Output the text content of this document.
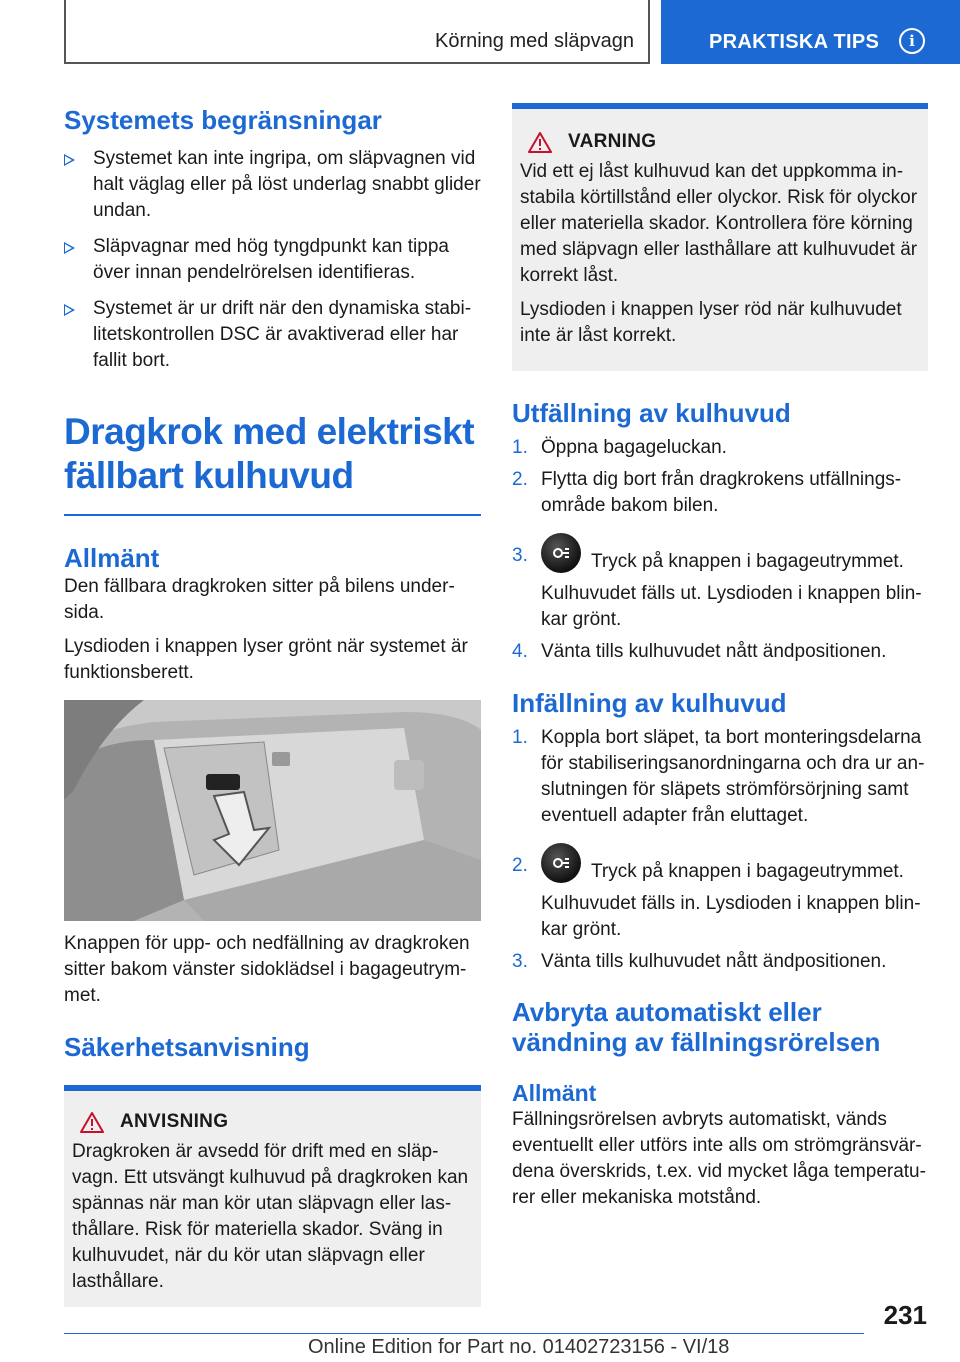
Körning med släpvagn	PRAKTISKA TIPS	i
Systemets begränsningar
Systemet kan inte ingripa, om släpvagnen vid halt väglag eller på löst underlag snabbt glider undan.
Släpvagnar med hög tyngdpunkt kan tippa över innan pendelrörelsen identifieras.
Systemet är ur drift när den dynamiska stabilitetskontrollen DSC är avaktiverad eller har fallit bort.
Dragkrok med elektriskt fällbart kulhuvud
Allmänt

Den fällbara dragkroken sitter på bilens undersida.

Lysdioden i knappen lyser grönt när systemet är funktionsberett.

Knappen för upp- och nedfällning av dragkroken sitter bakom vänster sidoklädsel i bagageutrymmet.

Säkerhetsanvisning
ANVISNING

Dragkroken är avsedd för drift med en släpvagn. Ett utsvängt kulhuvud på dragkroken kan spännas när man kör utan släpvagn eller lasthållare. Risk för materiella skador. Sväng in kulhuvudet, när du kör utan släpvagn eller lasthållare.

VARNING

Vid ett ej låst kulhuvud kan det uppkomma instabila körtillstånd eller olyckor. Risk för olyckor eller materiella skador. Kontrollera före körning med släpvagn eller lasthållare att kulhuvudet är korrekt låst.

Lysdioden i knappen lyser röd när kulhuvudet inte är låst korrekt.

Utfällning av kulhuvud
1. Öppna bagageluckan.
2. Flytta dig bort från dragkrokens utfällningsområde bakom bilen.
3.	Tryck på knappen i bagageutrymmet.
Kulhuvudet fälls ut. Lysdioden i knappen blinkar grönt.
4. Vänta tills kulhuvudet nått ändpositionen.
Infällning av kulhuvud
1. Koppla bort släpet, ta bort monteringsdelarna för stabiliseringsanordningarna och dra ur anslutningen för släpets strömförsörjning samt eventuell adapter från eluttaget.
2.	Tryck på knappen i bagageutrymmet.
Kulhuvudet fälls in. Lysdioden i knappen blinkar grönt.
3. Vänta tills kulhuvudet nått ändpositionen.
Avbryta automatiskt eller vändning av fällningsrörelsen
Allmänt

Fällningsrörelsen avbryts automatiskt, vänds eventuellt eller utförs inte alls om strömgränsvärdena överskrids, t.ex. vid mycket låga temperaturer eller mekaniska motstånd.

231
Online Edition for Part no. 01402723156 - VI/18
